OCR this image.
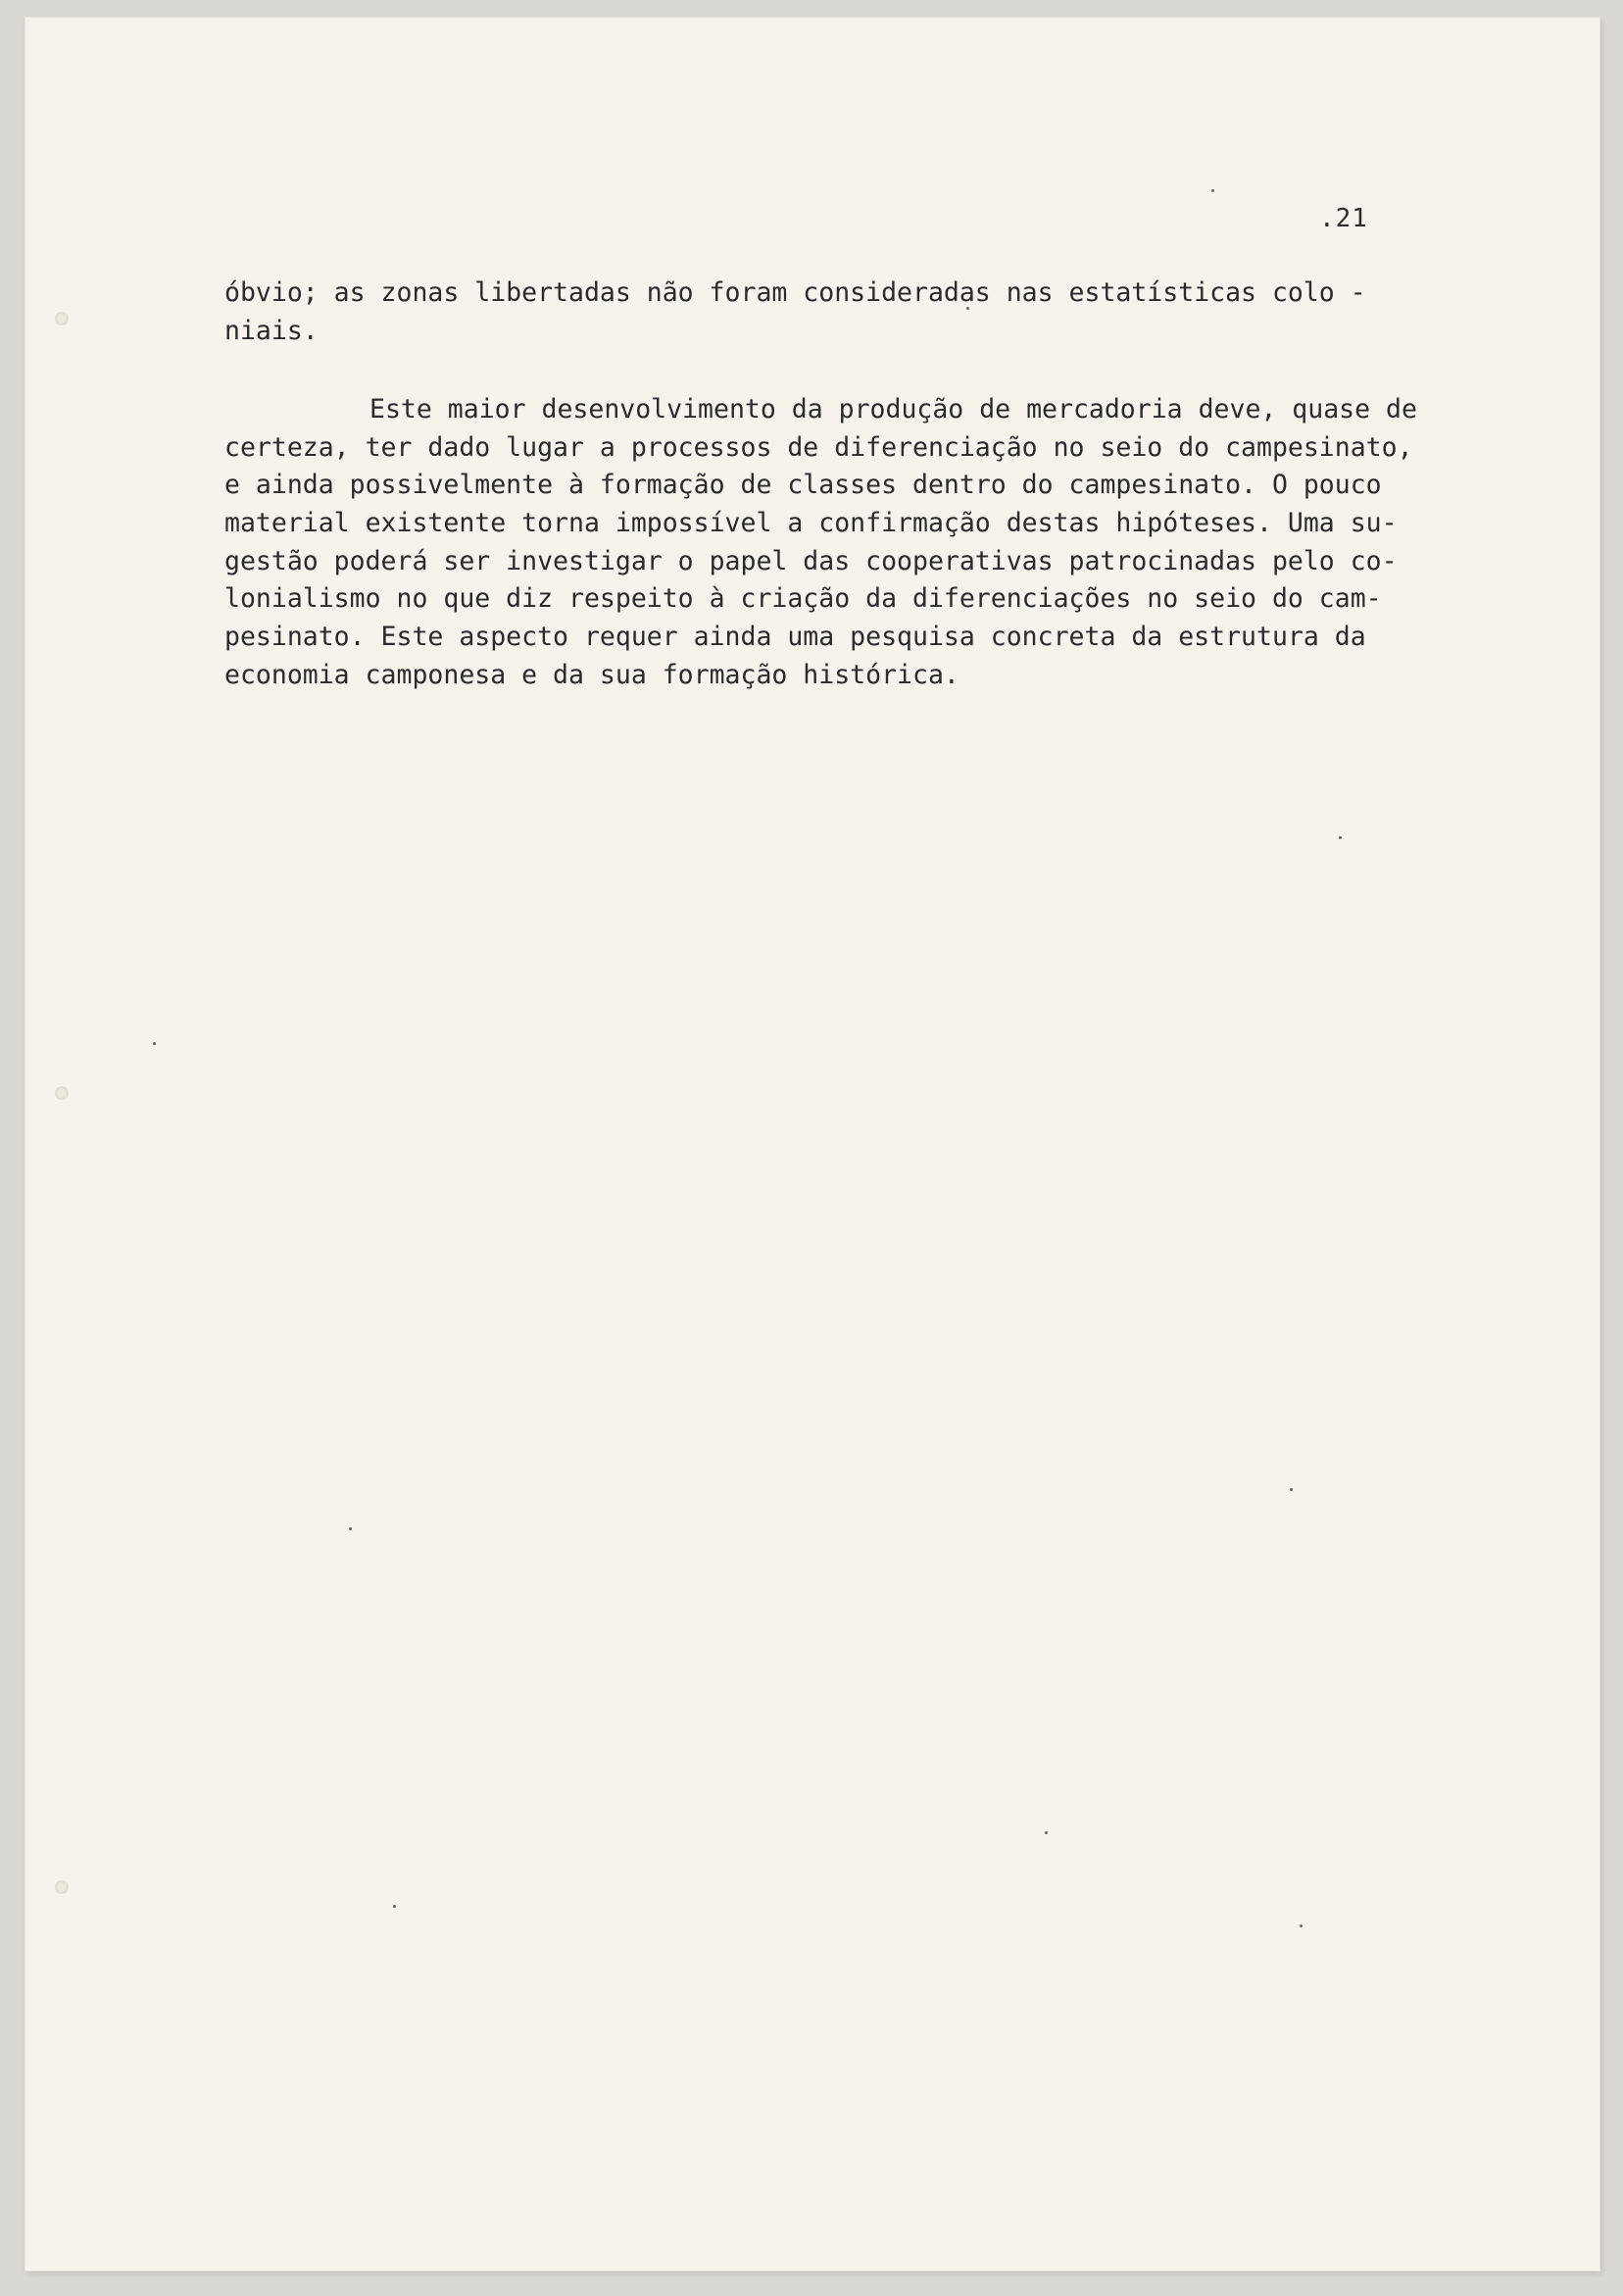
.21
óbvio; as zonas libertadas não foram consideradas nas estatísticas colo -
niais.
Este maior desenvolvimento da produção de mercadoria deve, quase de
certeza, ter dado lugar a processos de diferenciação no seio do campesinato,
e ainda possivelmente à formação de classes dentro do campesinato. O pouco
material existente torna impossível a confirmação destas hipóteses. Uma su-
gestão poderá ser investigar o papel das cooperativas patrocinadas pelo co-
lonialismo no que diz respeito à criação da diferenciações no seio do cam-
pesinato. Este aspecto requer ainda uma pesquisa concreta da estrutura da
economia camponesa e da sua formação histórica.
